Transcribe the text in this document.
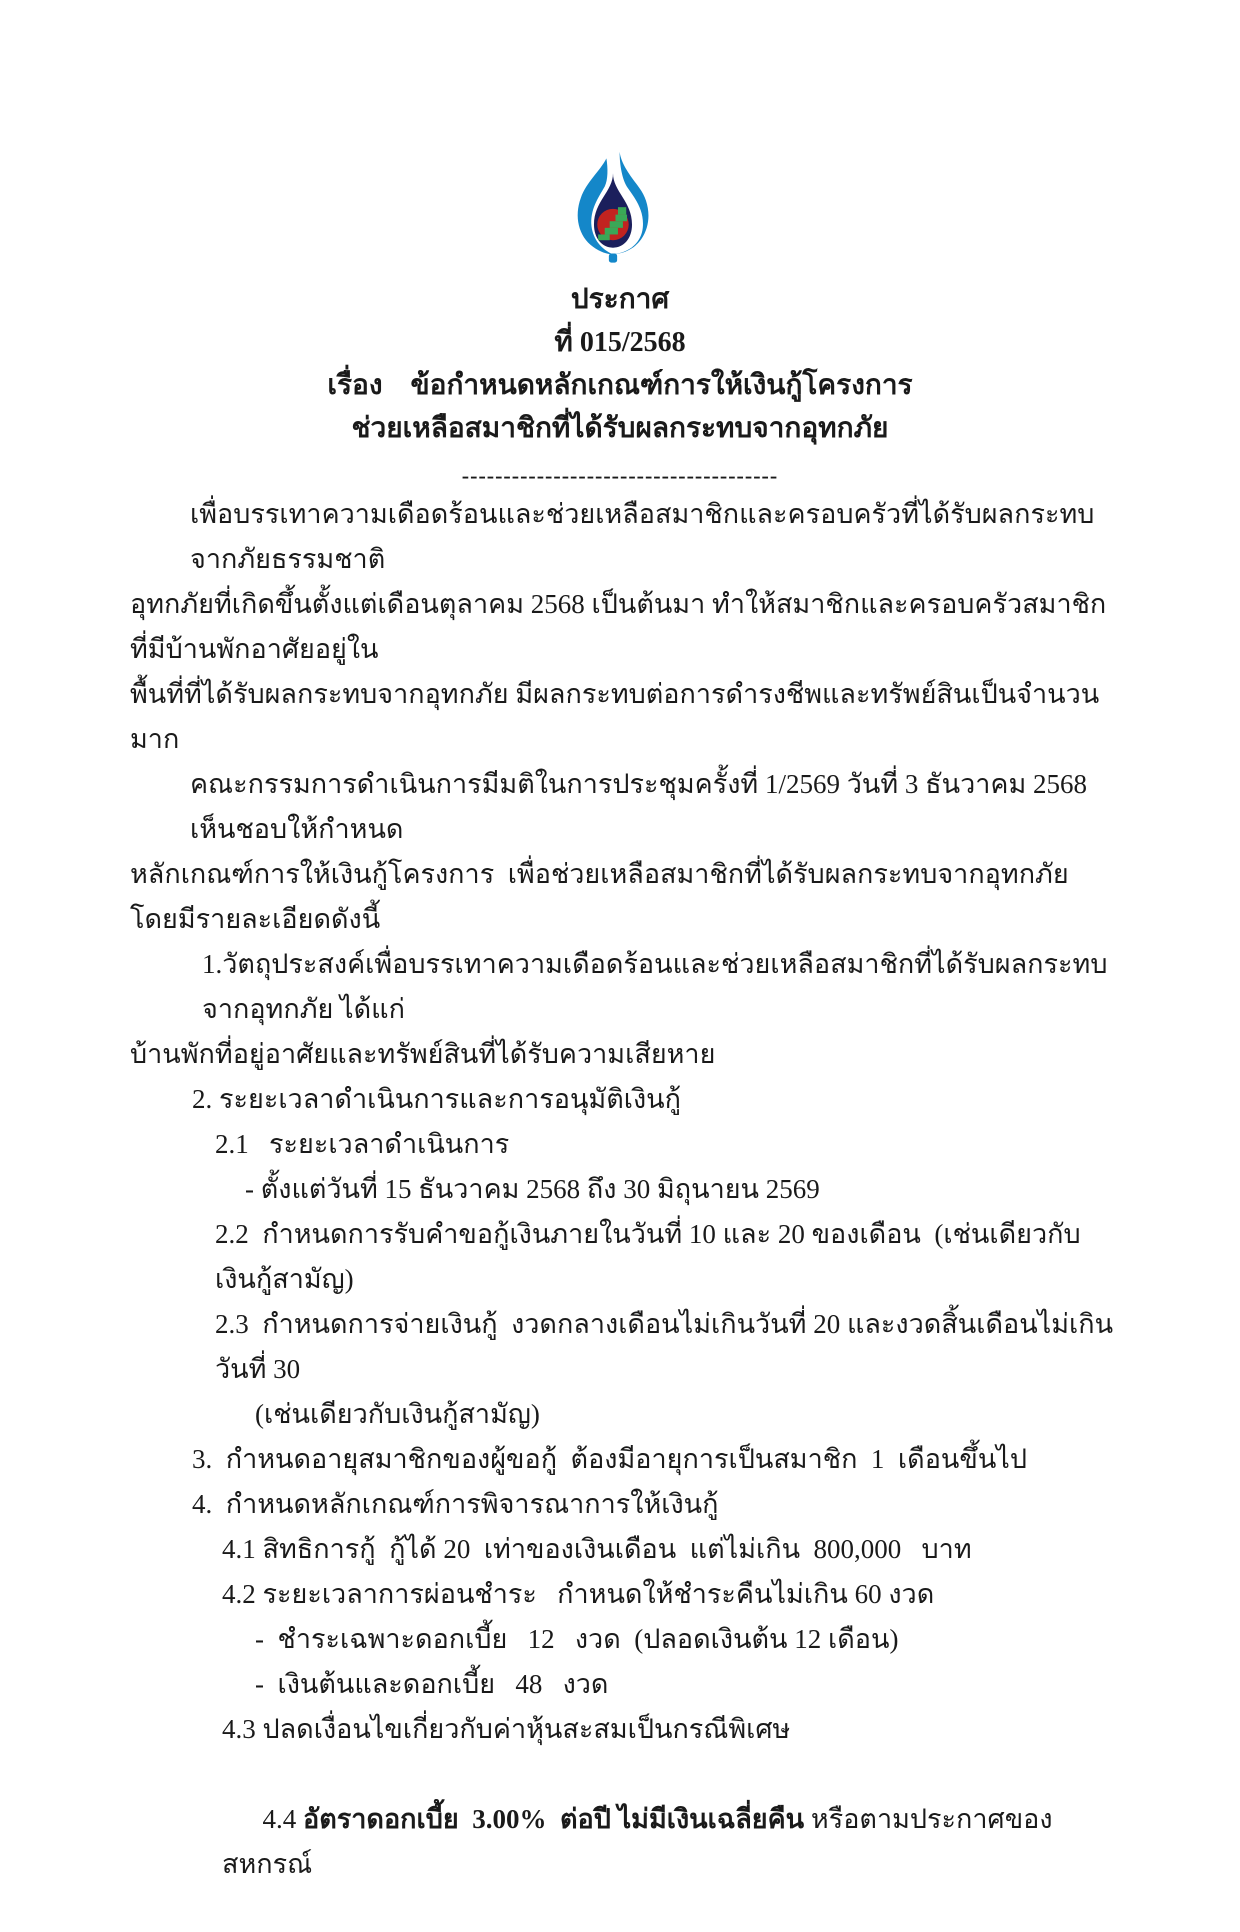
ประกาศ
ที่ 015/2568
เรื่อง    ข้อกำหนดหลักเกณฑ์การให้เงินกู้โครงการ
ช่วยเหลือสมาชิกที่ได้รับผลกระทบจากอุทกภัย
--------------------------------------
เพื่อบรรเทาความเดือดร้อนและช่วยเหลือสมาชิกและครอบครัวที่ได้รับผลกระทบจากภัยธรรมชาติ
อุทกภัยที่เกิดขึ้นตั้งแต่เดือนตุลาคม 2568 เป็นต้นมา ทำให้สมาชิกและครอบครัวสมาชิกที่มีบ้านพักอาศัยอยู่ใน
พื้นที่ที่ได้รับผลกระทบจากอุทกภัย มีผลกระทบต่อการดำรงชีพและทรัพย์สินเป็นจำนวนมาก
คณะกรรมการดำเนินการมีมติในการประชุมครั้งที่ 1/2569 วันที่ 3 ธันวาคม 2568  เห็นชอบให้กำหนด
หลักเกณฑ์การให้เงินกู้โครงการ  เพื่อช่วยเหลือสมาชิกที่ได้รับผลกระทบจากอุทกภัย  โดยมีรายละเอียดดังนี้
1.วัตถุประสงค์เพื่อบรรเทาความเดือดร้อนและช่วยเหลือสมาชิกที่ได้รับผลกระทบจากอุทกภัย ได้แก่
บ้านพักที่อยู่อาศัยและทรัพย์สินที่ได้รับความเสียหาย
2. ระยะเวลาดำเนินการและการอนุมัติเงินกู้
2.1   ระยะเวลาดำเนินการ
- ตั้งแต่วันที่ 15 ธันวาคม 2568 ถึง 30 มิถุนายน 2569
2.2  กำหนดการรับคำขอกู้เงินภายในวันที่ 10 และ 20 ของเดือน  (เช่นเดียวกับเงินกู้สามัญ)
2.3  กำหนดการจ่ายเงินกู้  งวดกลางเดือนไม่เกินวันที่ 20 และงวดสิ้นเดือนไม่เกินวันที่ 30
(เช่นเดียวกับเงินกู้สามัญ)
3.  กำหนดอายุสมาชิกของผู้ขอกู้  ต้องมีอายุการเป็นสมาชิก  1  เดือนขึ้นไป
4.  กำหนดหลักเกณฑ์การพิจารณาการให้เงินกู้
4.1 สิทธิการกู้  กู้ได้ 20  เท่าของเงินเดือน  แต่ไม่เกิน  800,000   บาท
4.2 ระยะเวลาการผ่อนชำระ   กำหนดให้ชำระคืนไม่เกิน 60 งวด
-  ชำระเฉพาะดอกเบี้ย   12   งวด  (ปลอดเงินต้น 12 เดือน)
-  เงินต้นและดอกเบี้ย   48   งวด
4.3 ปลดเงื่อนไขเกี่ยวกับค่าหุ้นสะสมเป็นกรณีพิเศษ

4.4 อัตราดอกเบี้ย  3.00%  ต่อปี ไม่มีเงินเฉลี่ยคืน หรือตามประกาศของสหกรณ์
